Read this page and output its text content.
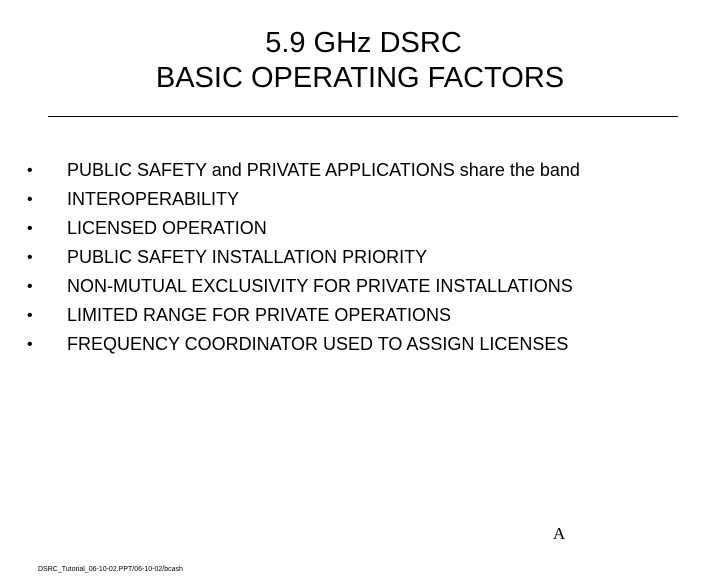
5.9 GHz DSRC
BASIC OPERATING FACTORS
• PUBLIC SAFETY and PRIVATE APPLICATIONS share the band
• INTEROPERABILITY
• LICENSED OPERATION
• PUBLIC SAFETY INSTALLATION PRIORITY
• NON-MUTUAL EXCLUSIVITY FOR PRIVATE INSTALLATIONS
• LIMITED RANGE FOR PRIVATE OPERATIONS
• FREQUENCY COORDINATOR USED TO ASSIGN LICENSES
A
DSRC_Tutorial_06-10-02.PPT/06-10-02/bcash
